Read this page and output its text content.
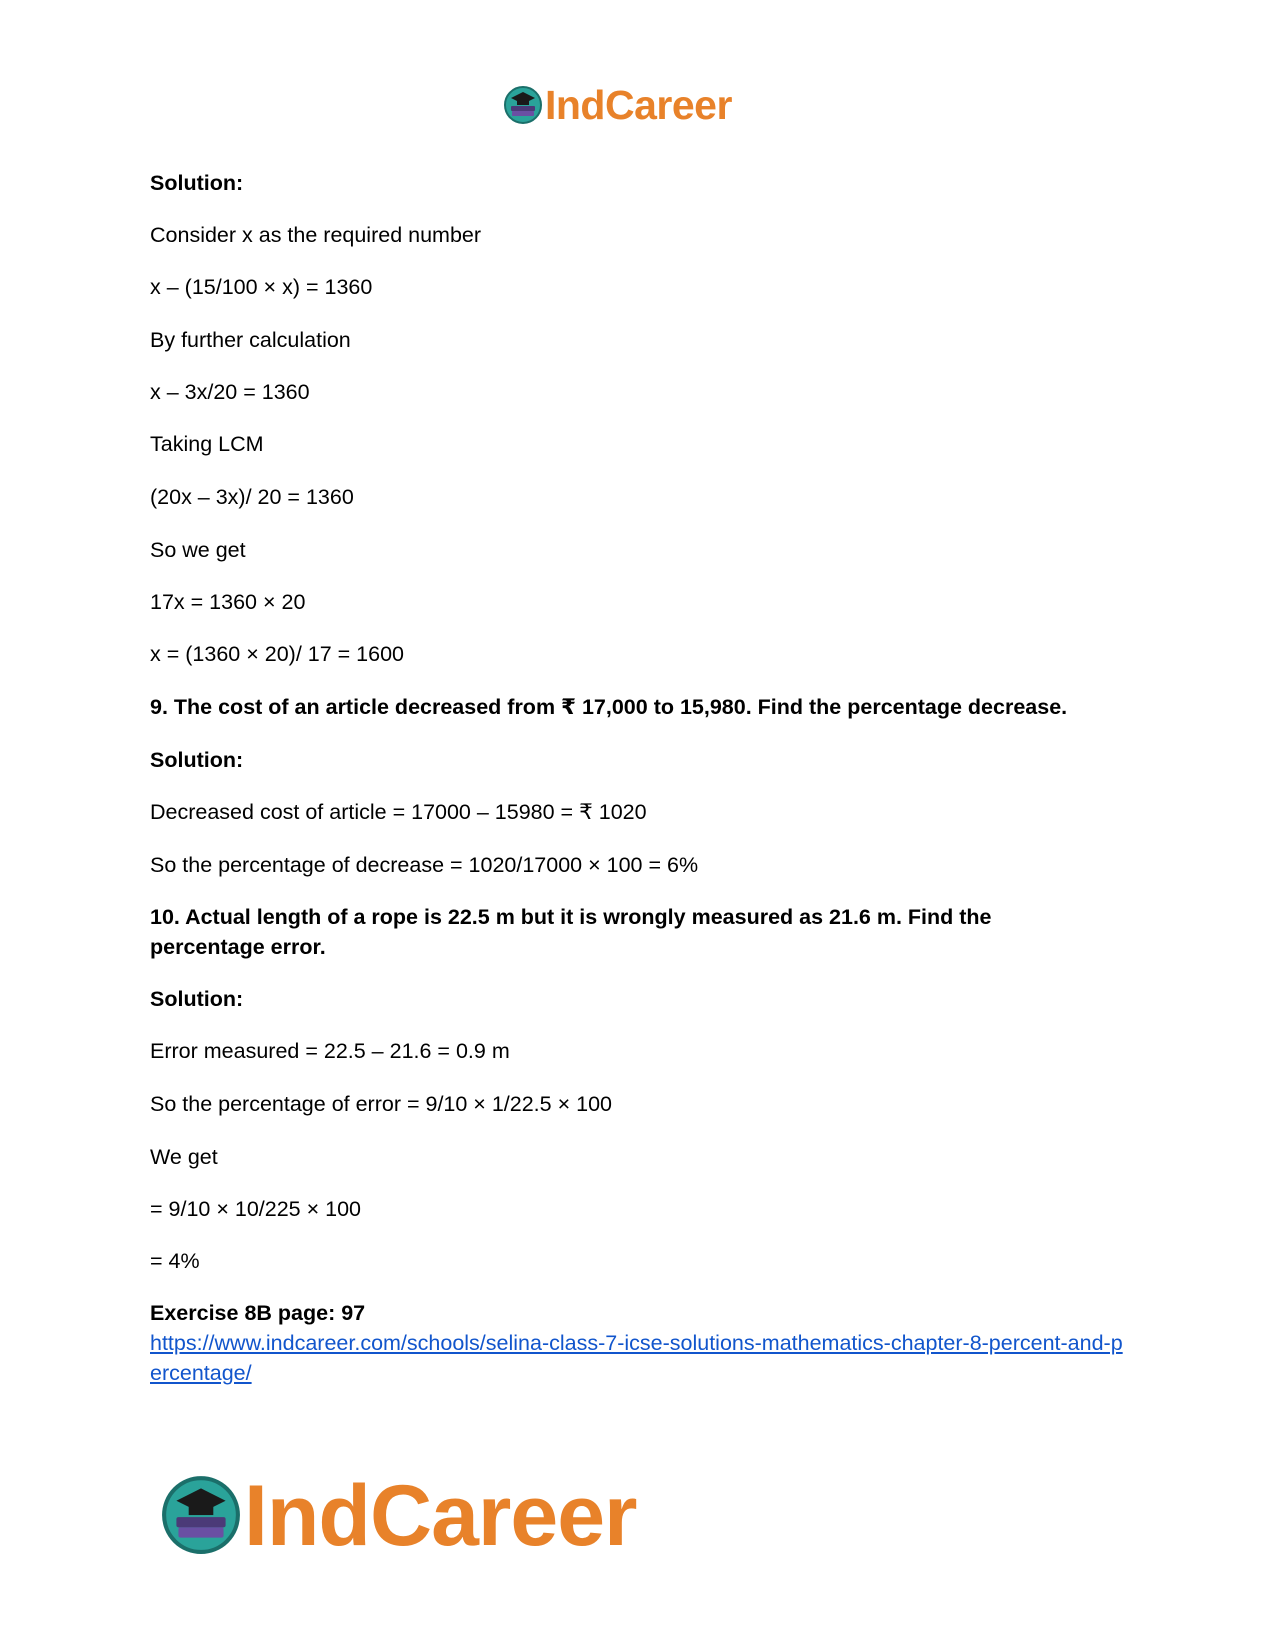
IndCareer
Solution:
Consider x as the required number
x – (15/100 × x) = 1360
By further calculation
x – 3x/20 = 1360
Taking LCM
(20x – 3x)/ 20 = 1360
So we get
17x = 1360 × 20
x = (1360 × 20)/ 17 = 1600
9. The cost of an article decreased from ₹ 17,000 to 15,980. Find the percentage decrease.
Solution:
Decreased cost of article = 17000 – 15980 = ₹ 1020
So the percentage of decrease = 1020/17000 × 100 = 6%
10. Actual length of a rope is 22.5 m but it is wrongly measured as 21.6 m. Find the percentage error.
Solution:
Error measured = 22.5 – 21.6 = 0.9 m
So the percentage of error = 9/10 × 1/22.5 × 100
We get
= 9/10 × 10/225 × 100
= 4%
Exercise 8B page: 97
https://www.indcareer.com/schools/selina-class-7-icse-solutions-mathematics-chapter-8-percent-and-percentage/
IndCareer
